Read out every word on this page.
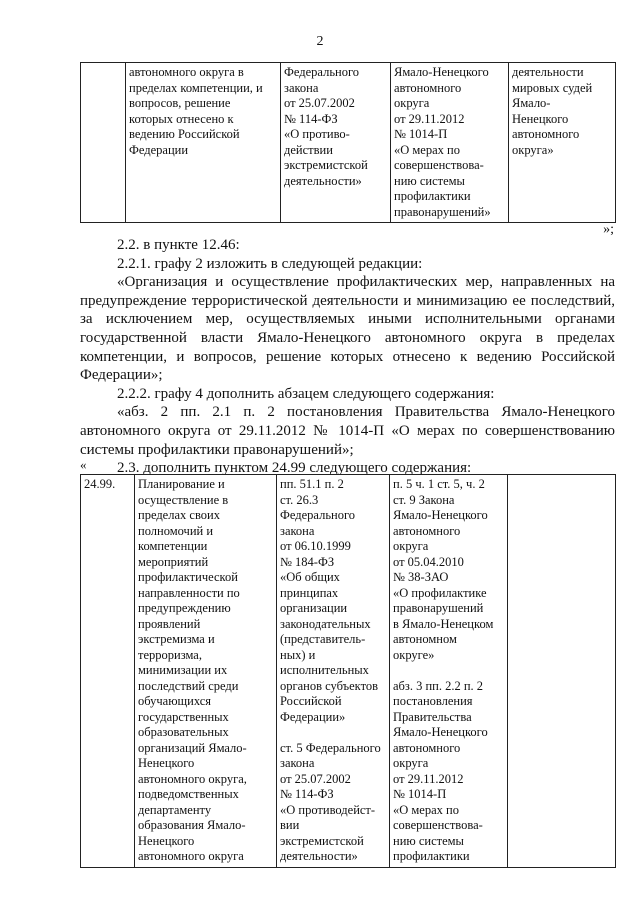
2
	автономного округа в
пределах компетенции, и
вопросов, решение
которых отнесено к
ведению Российской
Федерации	Федерального
закона
от 25.07.2002
№ 114-ФЗ
«О противо-
действии
экстремистской
деятельности»	Ямало-Ненецкого
автономного
округа
от 29.11.2012
№ 1014-П
«О мерах по
совершенствова-
нию системы
профилактики
правонарушений»	деятельности
мировых судей
Ямало-
Ненецкого
автономного
округа»
»;

2.2. в пункте 12.46:

2.2.1. графу 2 изложить в следующей редакции:

«Организация и осуществление профилактических мер, направленных на предупреждение террористической деятельности и минимизацию ее последствий, за исключением мер, осуществляемых иными исполнительными органами государственной власти Ямало-Ненецкого автономного округа в пределах компетенции, и вопросов, решение которых отнесено к ведению Российской Федерации»;

2.2.2. графу 4 дополнить абзацем следующего содержания:

«абз. 2 пп. 2.1 п. 2 постановления Правительства Ямало-Ненецкого автономного округа от 29.11.2012 № 1014-П «О мерах по совершенствованию системы профилактики правонарушений»;

2.3. дополнить пунктом 24.99 следующего содержания:

«
24.99.	Планирование и
осуществление в
пределах своих
полномочий и
компетенции
мероприятий
профилактической
направленности по
предупреждению
проявлений
экстремизма и
терроризма,
минимизации их
последствий среди
обучающихся
государственных
образовательных
организаций Ямало-
Ненецкого
автономного округа,
подведомственных
департаменту
образования Ямало-
Ненецкого
автономного округа	пп. 51.1 п. 2
ст. 26.3
Федерального
закона
от 06.10.1999
№ 184-ФЗ
«Об общих
принципах
организации
законодательных
(представитель-
ных) и
исполнительных
органов субъектов
Российской
Федерации»

ст. 5 Федерального
закона
от 25.07.2002
№ 114-ФЗ
«О противодейст-
вии
экстремистской
деятельности»	п. 5 ч. 1 ст. 5, ч. 2
ст. 9 Закона
Ямало-Ненецкого
автономного
округа
от 05.04.2010
№ 38-ЗАО
«О профилактике
правонарушений
в Ямало-Ненецком
автономном
округе»

абз. 3 пп. 2.2 п. 2
постановления
Правительства
Ямало-Ненецкого
автономного
округа
от 29.11.2012
№ 1014-П
«О мерах по
совершенствова-
нию системы
профилактики	
